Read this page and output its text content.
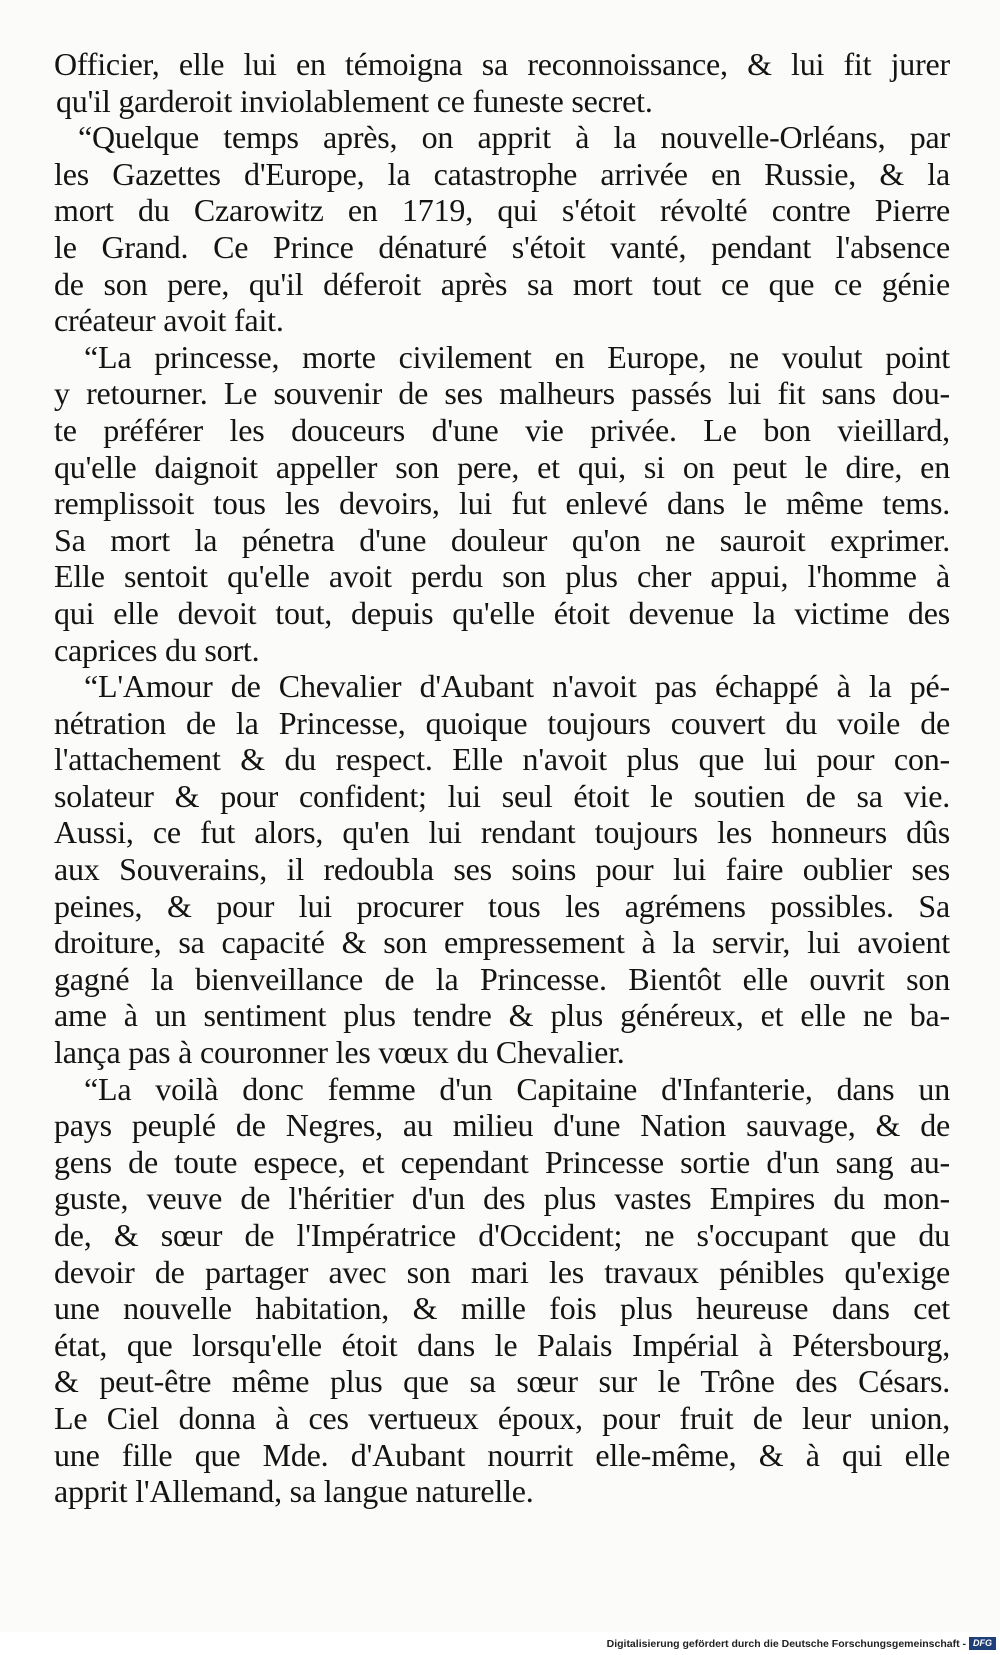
Officier, elle lui en témoigna sa reconnoissance, & lui fit jurer
qu'il garderoit inviolablement ce funeste secret.
“Quelque temps après, on apprit à la nouvelle-Orléans, par
les Gazettes d'Europe, la catastrophe arrivée en Russie, & la
mort du Czarowitz en 1719, qui s'étoit révolté contre Pierre
le Grand. Ce Prince dénaturé s'étoit vanté, pendant l'absence
de son pere, qu'il déferoit après sa mort tout ce que ce génie
créateur avoit fait.
“La princesse, morte civilement en Europe, ne voulut point
y retourner. Le souvenir de ses malheurs passés lui fit sans dou-
te préférer les douceurs d'une vie privée. Le bon vieillard,
qu'elle daignoit appeller son pere, et qui, si on peut le dire, en
remplissoit tous les devoirs, lui fut enlevé dans le même tems.
Sa mort la pénetra d'une douleur qu'on ne sauroit exprimer.
Elle sentoit qu'elle avoit perdu son plus cher appui, l'homme à
qui elle devoit tout, depuis qu'elle étoit devenue la victime des
caprices du sort.
“L'Amour de Chevalier d'Aubant n'avoit pas échappé à la pé-
nétration de la Princesse, quoique toujours couvert du voile de
l'attachement & du respect. Elle n'avoit plus que lui pour con-
solateur & pour confident; lui seul étoit le soutien de sa vie.
Aussi, ce fut alors, qu'en lui rendant toujours les honneurs dûs
aux Souverains, il redoubla ses soins pour lui faire oublier ses
peines, & pour lui procurer tous les agrémens possibles. Sa
droiture, sa capacité & son empressement à la servir, lui avoient
gagné la bienveillance de la Princesse. Bientôt elle ouvrit son
ame à un sentiment plus tendre & plus généreux, et elle ne ba-
lança pas à couronner les vœux du Chevalier.
“La voilà donc femme d'un Capitaine d'Infanterie, dans un
pays peuplé de Negres, au milieu d'une Nation sauvage, & de
gens de toute espece, et cependant Princesse sortie d'un sang au-
guste, veuve de l'héritier d'un des plus vastes Empires du mon-
de, & sœur de l'Impératrice d'Occident; ne s'occupant que du
devoir de partager avec son mari les travaux pénibles qu'exige
une nouvelle habitation, & mille fois plus heureuse dans cet
état, que lorsqu'elle étoit dans le Palais Impérial à Pétersbourg,
& peut-être même plus que sa sœur sur le Trône des Césars.
Le Ciel donna à ces vertueux époux, pour fruit de leur union,
une fille que Mde. d'Aubant nourrit elle-même, & à qui elle
apprit l'Allemand, sa langue naturelle.
Digitalisierung gefördert durch die Deutsche Forschungsgemeinschaft - DFG
